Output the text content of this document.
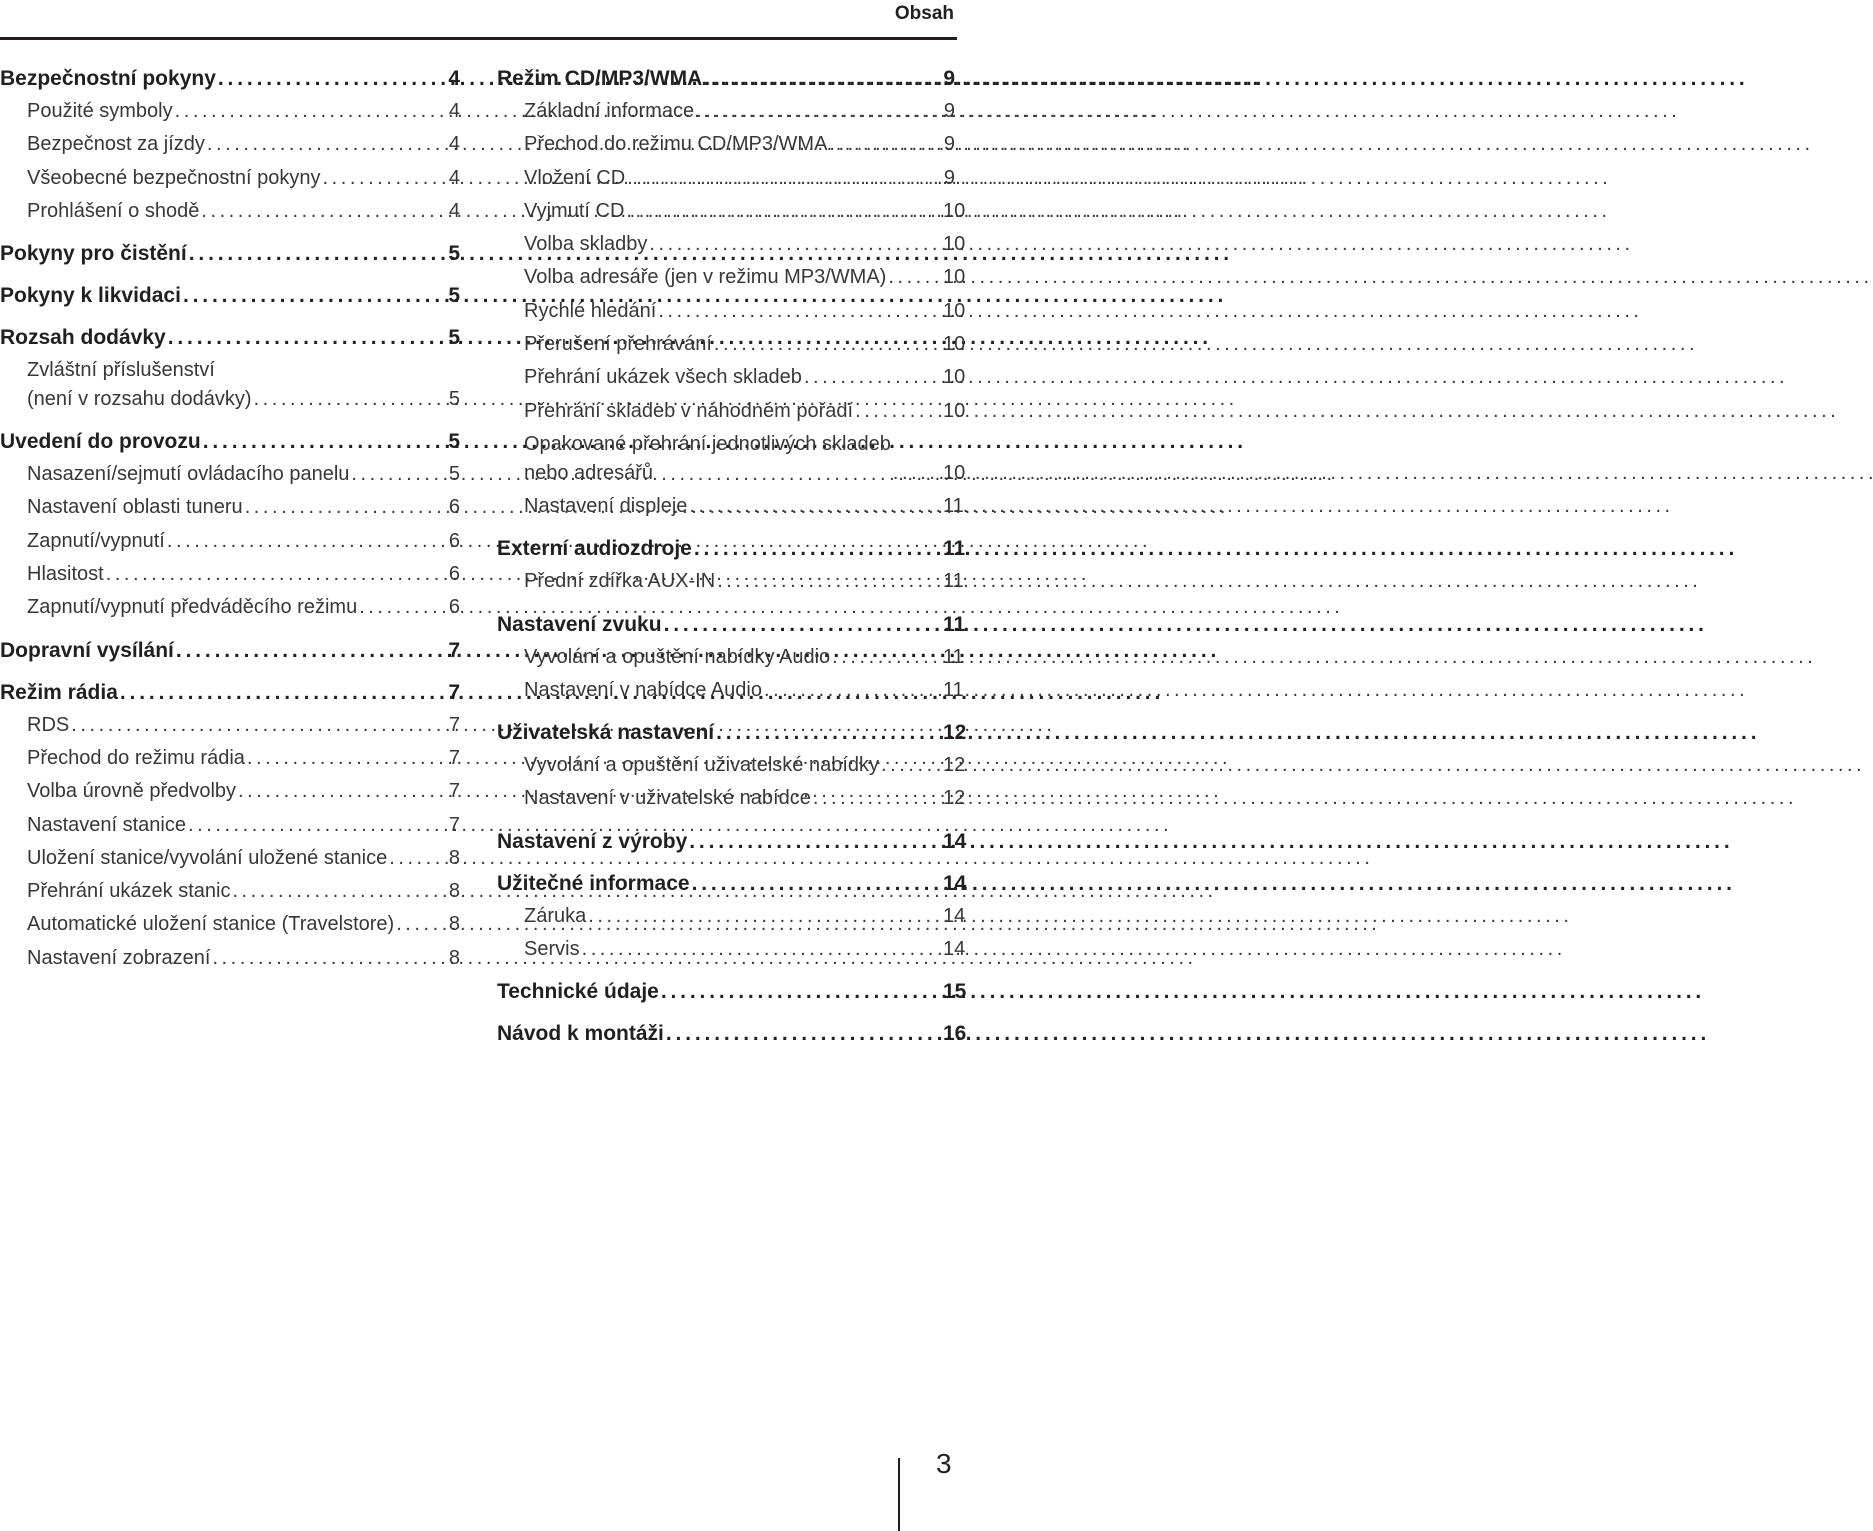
Obsah
Bezpečnostní pokyny . . .	4
Použité symboly . . .	4
Bezpečnost za jízdy . . .	4
Všeobecné bezpečnostní pokyny . . .	4
Prohlášení o shodě . . .	4
Pokyny pro čistění . . .	5
Pokyny k likvidaci . . .	5
Rozsah dodávky . . .	5
Zvláštní příslušenství
(není v rozsahu dodávky) . . .	5
Uvedení do provozu . . .	5
Nasazení/sejmutí ovládacího panelu . . .	5
Nastavení oblasti tuneru . . .	6
Zapnutí/vypnutí . . .	6
Hlasitost . . .	6
Zapnutí/vypnutí předváděcího režimu . . .	6
Dopravní vysílání . . .	7
Režim rádia . . .	7
RDS . . .	7
Přechod do režimu rádia . . .	7
Volba úrovně předvolby . . .	7
Nastavení stanice . . .	7
Uložení stanice/vyvolání uložené stanice . . .	8
Přehrání ukázek stanic . . .	8
Automatické uložení stanice (Travelstore) . . .	8
Nastavení zobrazení . . .	8
Režim CD/MP3/WMA . . .	9
Základní informace . . .	9
Přechod do režimu CD/MP3/WMA . . .	9
Vložení CD . . .	9
Vyjmutí CD . . .	10
Volba skladby . . .	10
Volba adresáře (jen v režimu MP3/WMA) . . .	10
Rychlé hledání . . .	10
Přerušení přehrávání . . .	10
Přehrání ukázek všech skladeb . . .	10
Přehrání skladeb v náhodném pořadí . . .	10
Opakované přehrání jednotlivých skladeb
nebo adresářů . . .	10
Nastavení displeje . . .	11
Externí audiozdroje . . .	11
Přední zdířka AUX-IN . . .	11
Nastavení zvuku . . .	11
Vyvolání a opuštění nabídky Audio . . .	11
Nastavení v nabídce Audio . . .	11
Uživatelská nastavení . . .	12
Vyvolání a opuštění uživatelské nabídky . . .	12
Nastavení v uživatelské nabídce . . .	12
Nastavení z výroby . . .	14
Užitečné informace . . .	14
Záruka . . .	14
Servis . . .	14
Technické údaje . . .	15
Návod k montáži . . .	16
3
